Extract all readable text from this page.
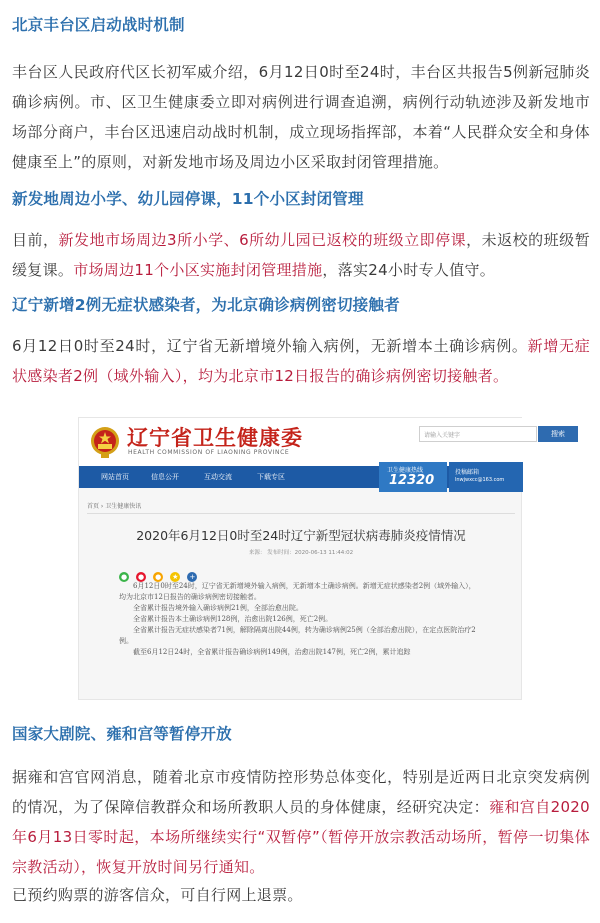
北京丰台区启动战时机制
丰台区人民政府代区长初军威介绍，6月12日0时至24时，丰台区共报告5例新冠肺炎确诊病例。市、区卫生健康委立即对病例进行调查追溯，病例行动轨迹涉及新发地市场部分商户，丰台区迅速启动战时机制，成立现场指挥部，本着“人民群众安全和身体健康至上”的原则，对新发地市场及周边小区采取封闭管理措施。
新发地周边小学、幼儿园停课，11个小区封闭管理
目前，新发地市场周边3所小学、6所幼儿园已返校的班级立即停课，未返校的班级暂缓复课。市场周边11个小区实施封闭管理措施，落实24小时专人值守。
辽宁新增2例无症状感染者，为北京确诊病例密切接触者
6月12日0时至24时，辽宁省无新增境外输入病例，无新增本土确诊病例。新增无症状感染者2例（域外输入），均为北京市12日报告的确诊病例密切接触者。
辽宁省卫生健康委
HEALTH COMMISSION OF LIAONING PROVINCE
请输入关键字	搜索
网站首页	信息公开	互动交流	下载专区
卫生健康热线
12320
投稿邮箱
lnwjwxcc@163.com
首页 › 卫生健康快讯
2020年6月12日0时至24时辽宁新型冠状病毒肺炎疫情情况
来源： 发布时间：2020-06-13 11:44:02
● ● ● ★ +

6月12日0时至24时，辽宁省无新增境外输入病例，无新增本土确诊病例。新增无症状感染者2例（域外输入），均为北京市12日报告的确诊病例密切接触者。

全省累计报告境外输入确诊病例21例，全部治愈出院。

全省累计报告本土确诊病例128例，治愈出院126例，死亡2例。

全省累计报告无症状感染者71例，解除隔离出院44例，转为确诊病例25例（全部治愈出院），在定点医院治疗2例。

截至6月12日24时，全省累计报告确诊病例149例，治愈出院147例，死亡2例，累计追踪

国家大剧院、雍和宫等暂停开放
据雍和宫官网消息，随着北京市疫情防控形势总体变化，特别是近两日北京突发病例的情况，为了保障信教群众和场所教职人员的身体健康，经研究决定：雍和宫自2020年6月13日零时起，本场所继续实行“双暂停”（暂停开放宗教活动场所，暂停一切集体宗教活动），恢复开放时间另行通知。
已预约购票的游客信众，可自行网上退票。
